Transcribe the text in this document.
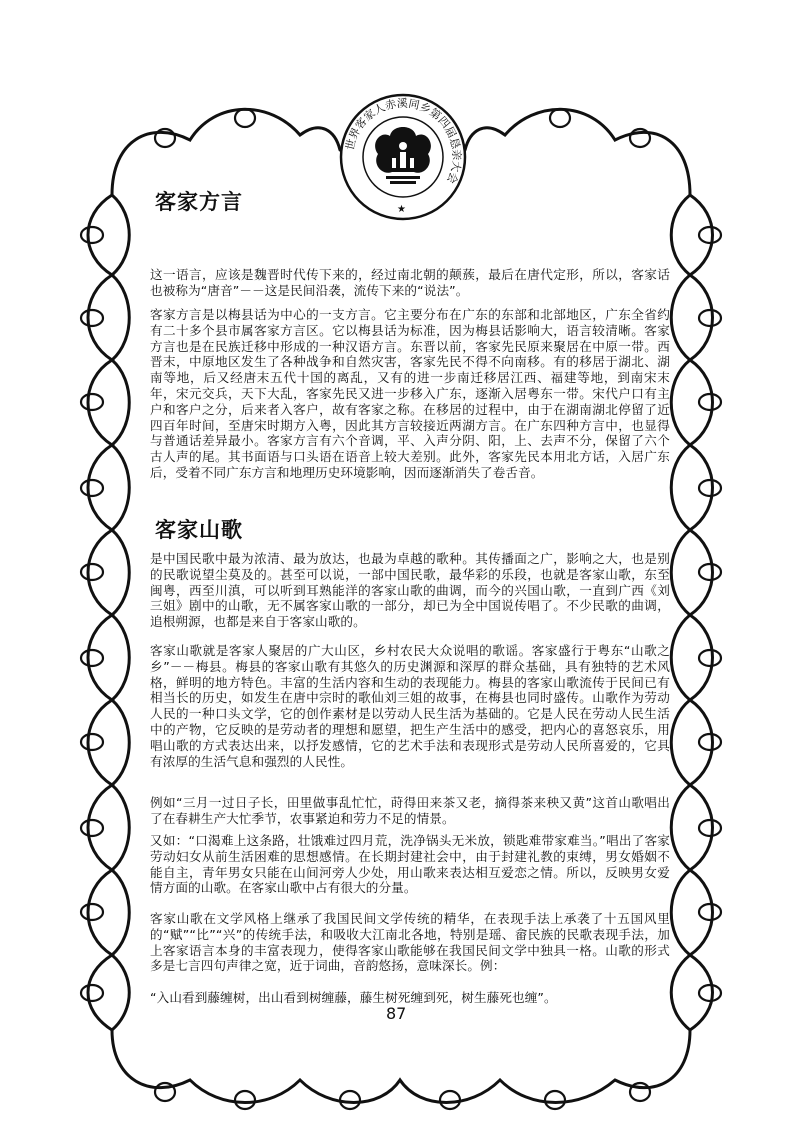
世界客家人赤溪同乡第四届恳亲大会
★
客家方言

这一语言，应该是魏晋时代传下来的，经过南北朝的颠蔟，最后在唐代定形，所以，客家话也被称为“唐音”－－这是民间沿袭，流传下来的“说法”。

客家方言是以梅县话为中心的一支方言。它主要分布在广东的东部和北部地区，广东全省约有二十多个县市属客家方言区。它以梅县话为标准，因为梅县话影响大，语言较清晰。客家方言也是在民族迁移中形成的一种汉语方言。东晋以前，客家先民原来聚居在中原一带。西晋末，中原地区发生了各种战争和自然灾害，客家先民不得不向南移。有的移居于湖北、湖南等地，后又经唐末五代十国的离乱，又有的进一步南迁移居江西、福建等地，到南宋末年，宋元交兵，天下大乱，客家先民又进一步移入广东，逐渐入居粤东一带。宋代户口有主户和客户之分，后来者入客户，故有客家之称。在移居的过程中，由于在湖南湖北停留了近四百年时间，至唐宋时期方入粤，因此其方言较接近两湖方言。在广东四种方言中，也显得与普通话差异最小。客家方言有六个音调，平、入声分阴、阳，上、去声不分，保留了六个古人声的尾。其书面语与口头语在语音上较大差别。此外，客家先民本用北方话，入居广东后，受着不同广东方言和地理历史环境影响，因而逐渐消失了卷舌音。

客家山歌

是中国民歌中最为浓清、最为放达，也最为卓越的歌种。其传播面之广，影响之大，也是别的民歌说望尘莫及的。甚至可以说，一部中国民歌，最华彩的乐段，也就是客家山歌，东至闽粤，西至川滇，可以听到耳熟能洋的客家山歌的曲调，而今的兴国山歌，一直到广西《刘三姐》剧中的山歌，无不属客家山歌的一部分，却已为全中国说传唱了。不少民歌的曲调，追根朔源，也都是来自于客家山歌的。

客家山歌就是客家人聚居的广大山区，乡村农民大众说唱的歌谣。客家盛行于粤东“山歌之乡”－－梅县。梅县的客家山歌有其悠久的历史渊源和深厚的群众基础，具有独特的艺术风格，鲜明的地方特色。丰富的生活内容和生动的表现能力。梅县的客家山歌流传于民间已有相当长的历史，如发生在唐中宗时的歌仙刘三姐的故事，在梅县也同时盛传。山歌作为劳动人民的一种口头文学，它的创作素材是以劳动人民生活为基础的。它是人民在劳动人民生活中的产物，它反映的是劳动者的理想和愿望，把生产生活中的感受，把内心的喜怒哀乐，用唱山歌的方式表达出来，以抒发感情，它的艺术手法和表现形式是劳动人民所喜爱的，它具有浓厚的生活气息和强烈的人民性。

例如“三月一过日子长，田里做事乱忙忙，莳得田来茶又老，摘得茶来秧又黄”这首山歌唱出了在春耕生产大忙季节，农事紧迫和劳力不足的情景。

又如：“口渴难上这条路，壮饿难过四月荒，洗净锅头无米放，锁匙难带家难当。”唱出了客家劳动妇女从前生活困难的思想感情。在长期封建社会中，由于封建礼教的束缚，男女婚姻不能自主，青年男女只能在山间河旁人少处，用山歌来表达相互爱恋之情。所以，反映男女爱情方面的山歌。在客家山歌中占有很大的分量。

客家山歌在文学风格上继承了我国民间文学传统的精华，在表现手法上承袭了十五国风里的“赋”“比”“兴”的传统手法，和吸收大江南北各地，特别是瑶、畲民族的民歌表现手法，加上客家语言本身的丰富表现力，使得客家山歌能够在我国民间文学中独具一格。山歌的形式多是七言四句声律之宽，近于词曲，音韵悠扬，意味深长。例：

“入山看到藤缠树，出山看到树缠藤，藤生树死缠到死，树生藤死也缠”。

87
